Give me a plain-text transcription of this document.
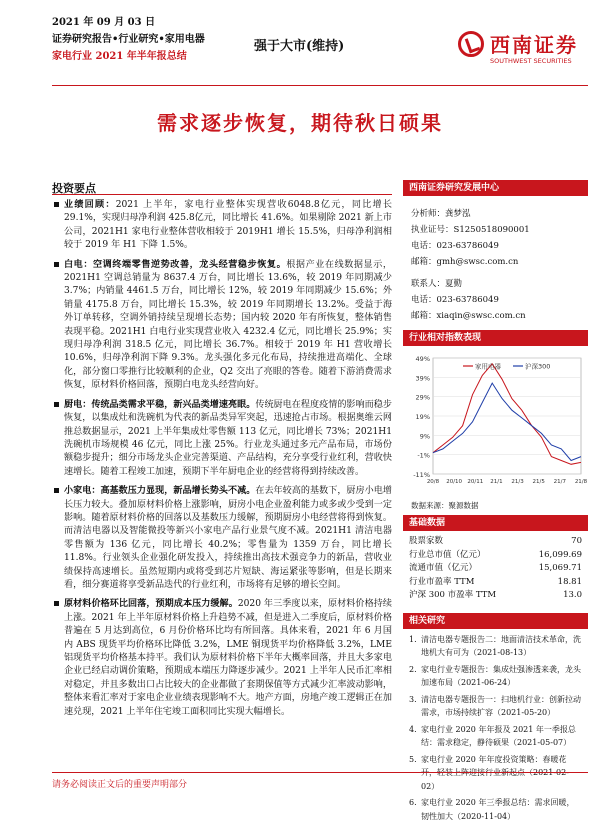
2021 年 09 月 03 日
证券研究报告•行业研究•家用电器
家电行业 2021 年半年报总结
强于大市(维持)	西南证券
SOUTHWEST SECURITIES
需求逐步恢复，期待秋日硕果
投资要点
业绩回顾：2021 上半年，家电行业整体实现营收6048.8亿元，同比增长 29.1%，实现归母净利润 425.8亿元，同比增长 41.6%。如果剔除 2021 新上市公司，2021H1 家电行业整体营收相较于 2019H1 增长 15.5%，归母净利润相较于 2019 年 H1 下降 1.5%。
白电：空调终端零售逆势改善，龙头经营稳步恢复。根据产业在线数据显示，2021H1 空调总销量为 8637.4 万台，同比增长 13.6%，较 2019 年同期减少 3.7%；内销量 4461.5 万台，同比增长 12%，较 2019 年同期减少 15.6%；外销量 4175.8 万台，同比增长 15.3%，较 2019 年同期增长 13.2%。受益于海外订单转移，空调外销持续呈现增长态势；国内较 2020 年有所恢复，整体销售表现平稳。2021H1 白电行业实现营业收入 4232.4 亿元，同比增长 25.9%；实现归母净利润 318.5 亿元，同比增长 36.7%。相较于 2019 年 H1 营收增长 10.6%，归母净利润下降 9.3%。龙头强化多元化布局，持续推进高端化、全球化，部分窗口零推行比较顺利的企业，Q2 交出了亮眼的答卷。随着下游消费需求恢复，原材料价格回落，预期白电龙头经营向好。
厨电：传统品类需求平稳，新兴品类增速亮眼。传统厨电在程度疫情的影响而稳步恢复，以集成灶和洗碗机为代表的新品类异军突起，迅速抢占市场。根据奥维云网推总数据显示，2021 上半年集成灶零售额 113 亿元，同比增长 73%；2021H1 洗碗机市场规模 46 亿元，同比上涨 25%。行业龙头通过多元产品布局，市场份额稳步提升；细分市场龙头企业完善渠道、产品结构，充分享受行业红利，营收快速增长。随着工程竣工加速，预期下半年厨电企业的经营将得到持续改善。
小家电：高基数压力显现，新品增长势头不减。在去年较高的基数下，厨房小电增长压力较大。叠加原材料价格上涨影响，厨房小电企业盈利能力或多或少受到一定影响。随着原材料价格的回落以及基数压力缓解，预期厨房小电经营将得到恢复。而清洁电器以及智能微投等新兴小家电产品行业景气度不减。2021H1 清洁电器零售额为 136 亿元，同比增长 40.2%；零售量为 1359 万台，同比增长 11.8%。行业领头企业强化研发投入，持续推出高技术强竞争力的新品，营收业绩保持高速增长。虽然短期内或将受到芯片短缺、海运紧张等影响，但是长期来看，细分赛道将享受新品迭代的行业红利，市场将有足够的增长空间。
原材料价格环比回落，预期成本压力缓解。2020 年三季度以来，原材料价格持续上涨。2021 年上半年原材料价格上升趋势不减，但是进入二季度后，原材料价格普遍在 5 月达到高位，6 月份价格环比均有所回落。具体来看，2021 年 6 月国内 ABS 现货平均价格环比降低 3.2%，LME 铜现货平均价格降低 3.2%，LME 铝现货平均价格基本持平。我们认为原材料价格下半年大概率回落，并且大多家电企业已经启动调价策略，预期成本端压力降逐步减少。2021 上半年人民币汇率相对稳定，并且多数出口占比较大的企业都做了套期保值等方式减少汇率波动影响，整体来看汇率对于家电企业业绩表现影响不大。地产方面，房地产竣工逻辑正在加速兑现，2021 上半年住宅竣工面积同比实现大幅增长。
西南证券研究发展中心
分析师：龚梦泓
执业证号：S1250518090001
电话：023-63786049
邮箱：gmh@swsc.com.cn
联系人：夏勤
电话：023-63786049
邮箱：xiaqin@swsc.com.cn
行业相对指数表现
49%
39%
29%
19%
9%
-1%
-11%
20/8 20/10 20/11 21/1 21/3 21/5 21/7 21/8
家用电器	沪深300
数据来源：聚源数据
基础数据
股票家数	70
行业总市值（亿元）	16,099.69
流通市值（亿元）	15,069.71
行业市盈率 TTM	18.81
沪深 300 市盈率 TTM	13.0
相关研究
1. 清洁电器专题报告二：地面清洁技术革命，洗地机大有可为（2021-08-13）
2. 家电行业专题报告：集成灶强渗透来袭，龙头加速布局（2021-06-24）
3. 清洁电器专题报告一：扫地机行业：创新拉动需求，市场持续扩容（2021-05-20）
4. 家电行业 2020 年年报及 2021 年一季报总结：需求稳定，静待硕果（2021-05-07）
5. 家电行业 2020 年年度投资策略：春暖花开，轻装上阵迎接行业新起点（2021-02-02）
6. 家电行业 2020 年三季报总结：需求回暖，韧性加大（2020-11-04）
请务必阅读正文后的重要声明部分
